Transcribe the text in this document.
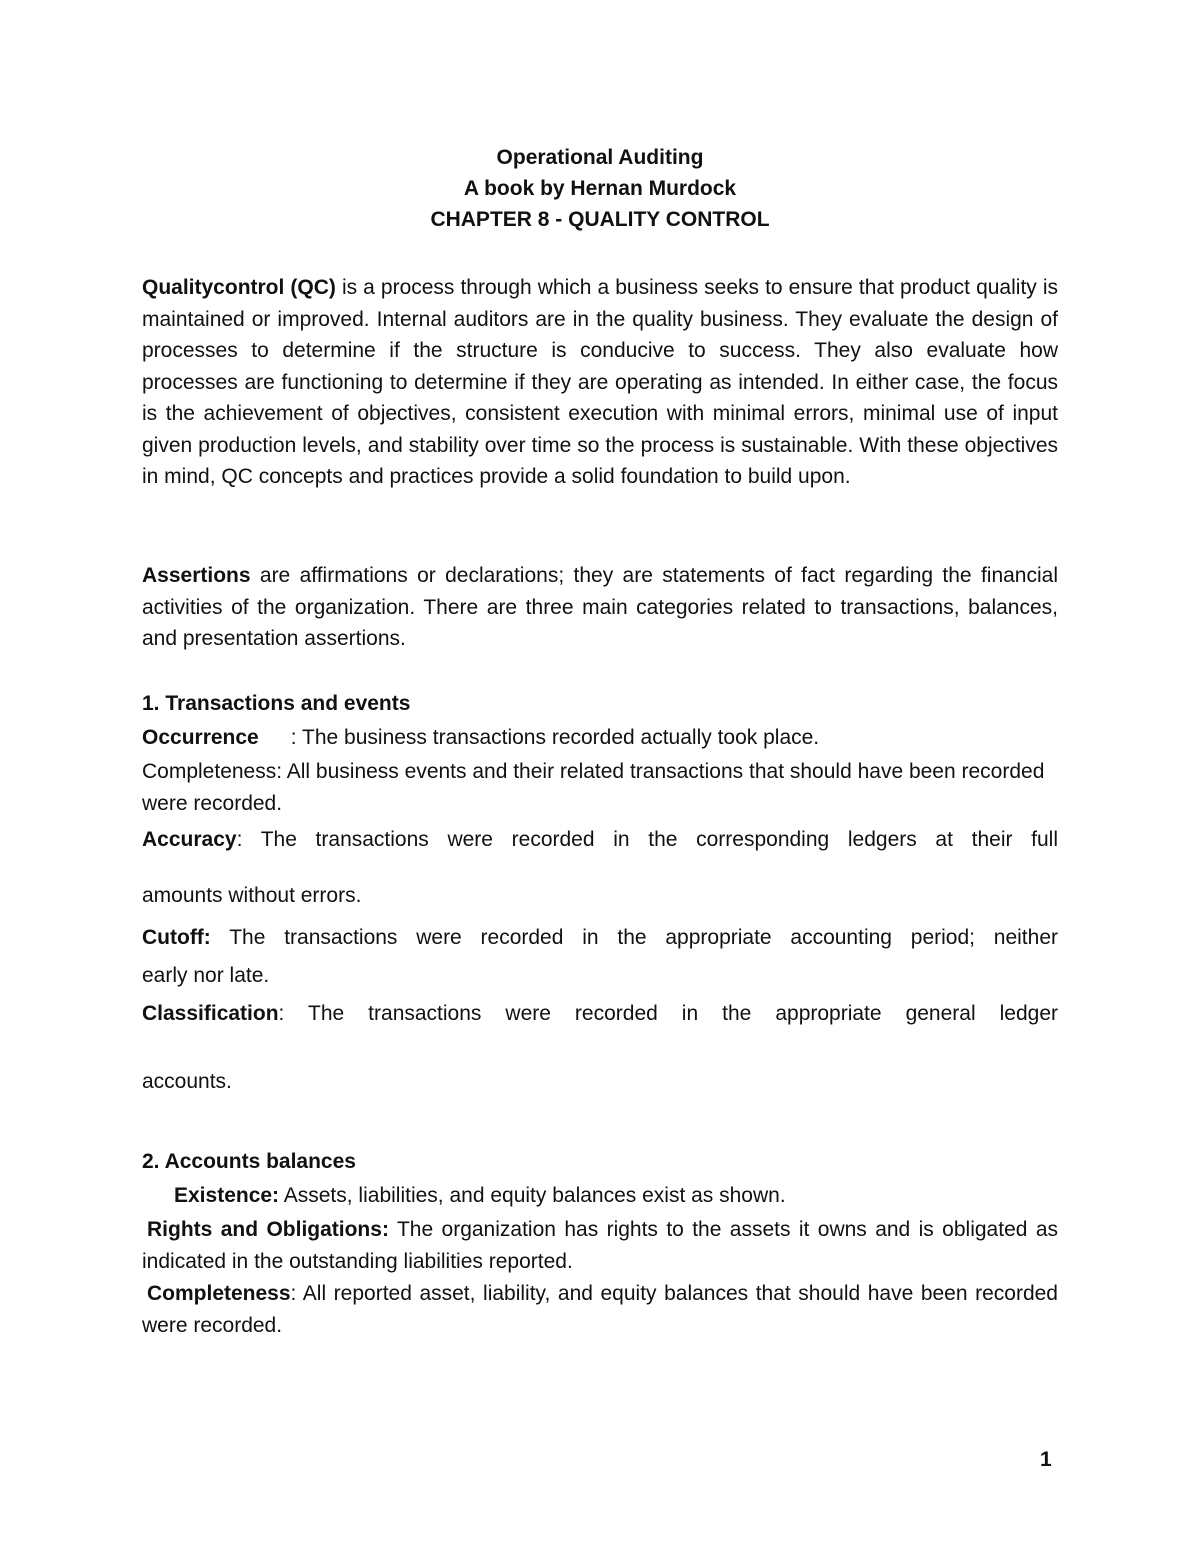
Operational Auditing
A book by Hernan Murdock
CHAPTER 8 - QUALITY CONTROL
Qualitycontrol (QC) is a process through which a business seeks to ensure that product quality is maintained or improved. Internal auditors are in the quality business. They evaluate the design of processes to determine if the structure is conducive to success. They also evaluate how processes are functioning to determine if they are operating as intended. In either case, the focus is the achievement of objectives, consistent execution with minimal errors, minimal use of input given production levels, and stability over time so the process is sustainable. With these objectives in mind, QC concepts and practices provide a solid foundation to build upon.
Assertions are affirmations or declarations; they are statements of fact regarding the financial activities of the organization. There are three main categories related to transactions, balances, and presentation assertions.
1. Transactions and events
Occurrence : The business transactions recorded actually took place.
Completeness: All business events and their related transactions that should have been recorded were recorded.
Accuracy: The transactions were recorded in the corresponding ledgers at their full
amounts without errors.
Cutoff: The transactions were recorded in the appropriate accounting period; neither
early nor late.
Classification: The transactions were recorded in the appropriate general ledger
accounts.
2. Accounts balances
Existence: Assets, liabilities, and equity balances exist as shown.
Rights and Obligations: The organization has rights to the assets it owns and is obligated as indicated in the outstanding liabilities reported.
Completeness: All reported asset, liability, and equity balances that should have been recorded were recorded.
1
